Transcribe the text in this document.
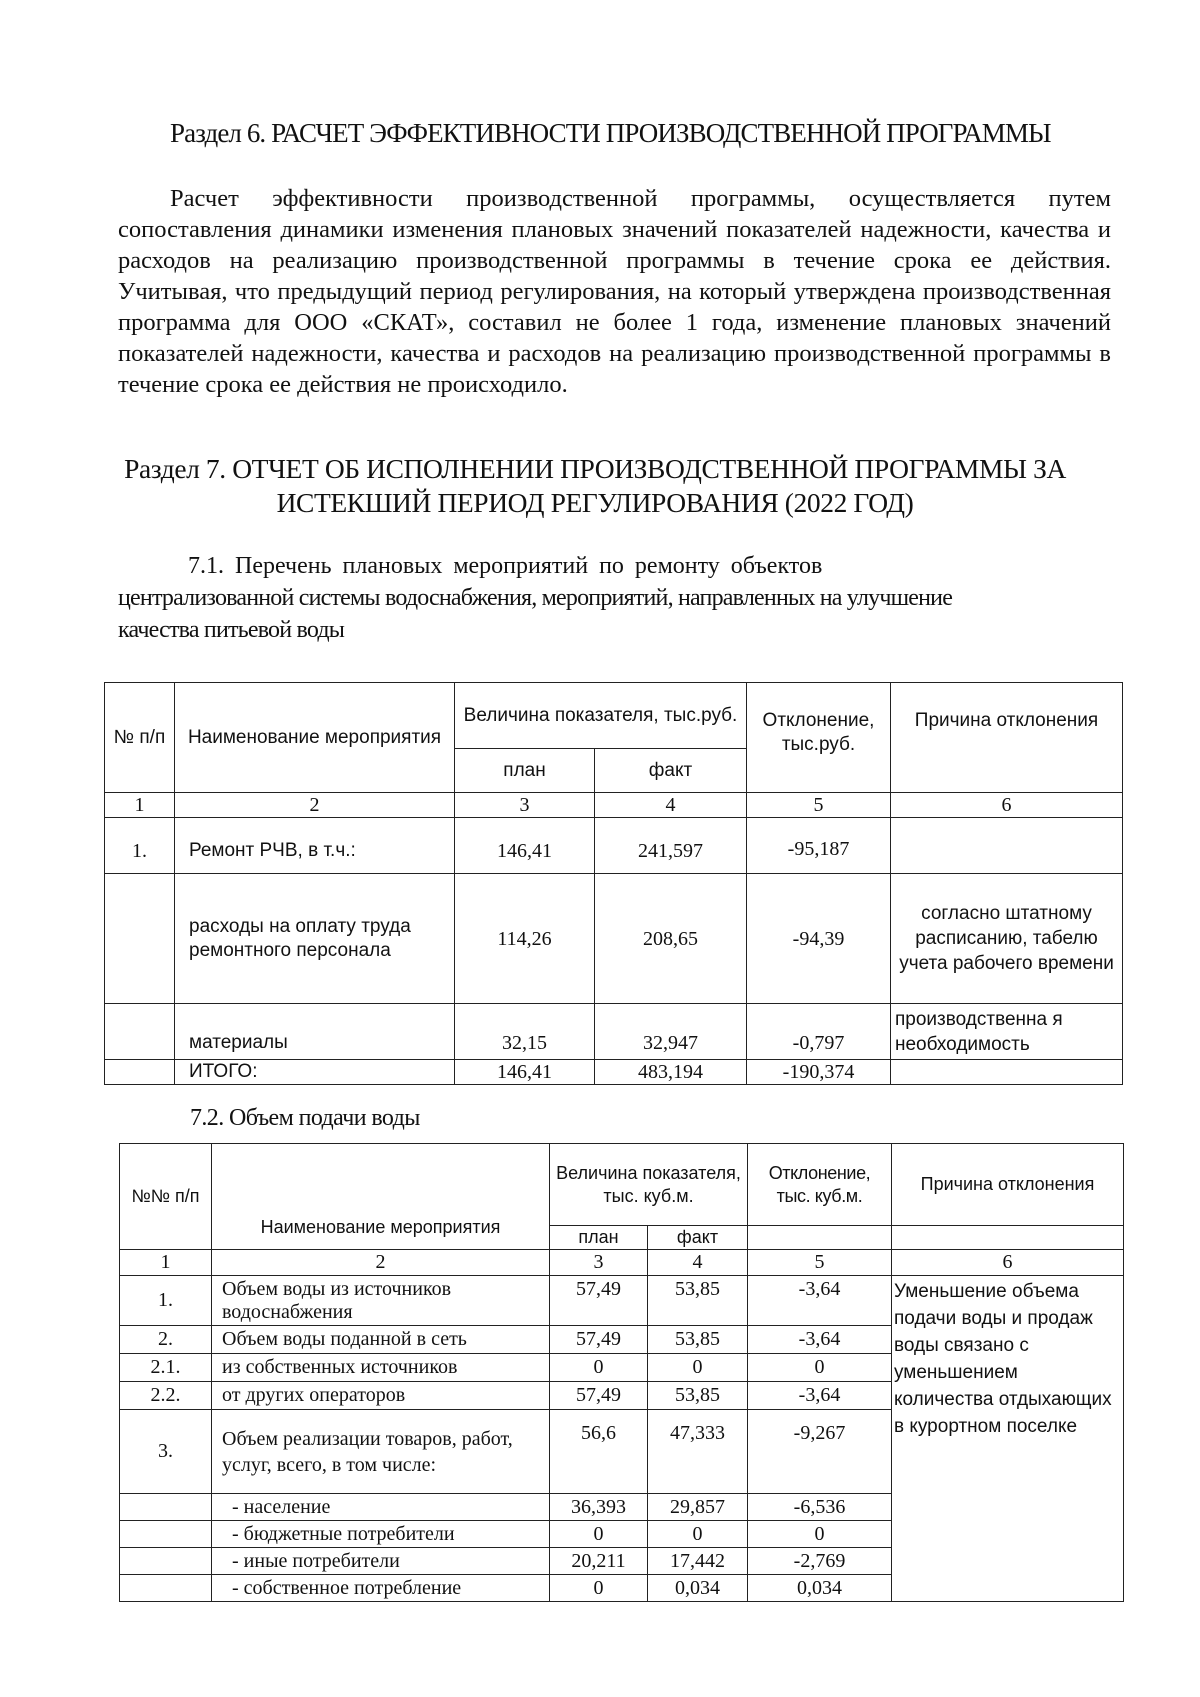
Раздел 6. РАСЧЕТ ЭФФЕКТИВНОСТИ ПРОИЗВОДСТВЕННОЙ ПРОГРАММЫ

Расчет эффективности производственной программы, осуществляется путем сопоставления динамики изменения плановых значений показателей надежности, качества и расходов на реализацию производственной программы в течение срока ее действия. Учитывая, что предыдущий период регулирования, на который утверждена производственная программа для ООО «СКАТ», составил не более 1 года, изменение плановых значений показателей надежности, качества и расходов на реализацию производственной программы в течение срока ее действия не происходило.

Раздел 7. ОТЧЕТ ОБ ИСПОЛНЕНИИ ПРОИЗВОДСТВЕННОЙ ПРОГРАММЫ ЗА
ИСТЕКШИЙ ПЕРИОД РЕГУЛИРОВАНИЯ (2022 ГОД)
7.1. Перечень плановых мероприятий по ремонту объектов
централизованной системы водоснабжения, мероприятий, направленных на улучшение
качества питьевой воды
№ п/п	Наименование мероприятия	Величина показателя, тыс.руб.		Отклонение, тыс.руб.	Причина отклонения
		план	факт		
1	2	3	4	5	6
1.	Ремонт РЧВ, в т.ч.:	146,41	241,597	-95,187	
	расходы на оплату труда ремонтного персонала	114,26	208,65	-94,39	согласно штатному расписанию, табелю учета рабочего времени
	материалы	32,15	32,947	-0,797	производственна я необходимость
	ИТОГО:	146,41	483,194	-190,374	
7.2. Объем подачи воды
№№ п/п	Наименование мероприятия	Величина показателя, тыс. куб.м.		Отклонение, тыс. куб.м.	Причина отклонения
		план	факт		
1	2	3	4	5	6
1.	Объем воды из источников водоснабжения	57,49	53,85	-3,64	Уменьшение объема подачи воды и продаж воды связано с уменьшением количества отдыхающих в курортном поселке
2.	Объем воды поданной в сеть	57,49	53,85	-3,64	
2.1.	из собственных источников	0	0	0	
2.2.	от других операторов	57,49	53,85	-3,64	
3.	Объем реализации товаров, работ, услуг, всего, в том числе:	56,6	47,333	-9,267	
	- население	36,393	29,857	-6,536	
	- бюджетные потребители	0	0	0	
	- иные потребители	20,211	17,442	-2,769	
	- собственное потребление	0	0,034	0,034	
